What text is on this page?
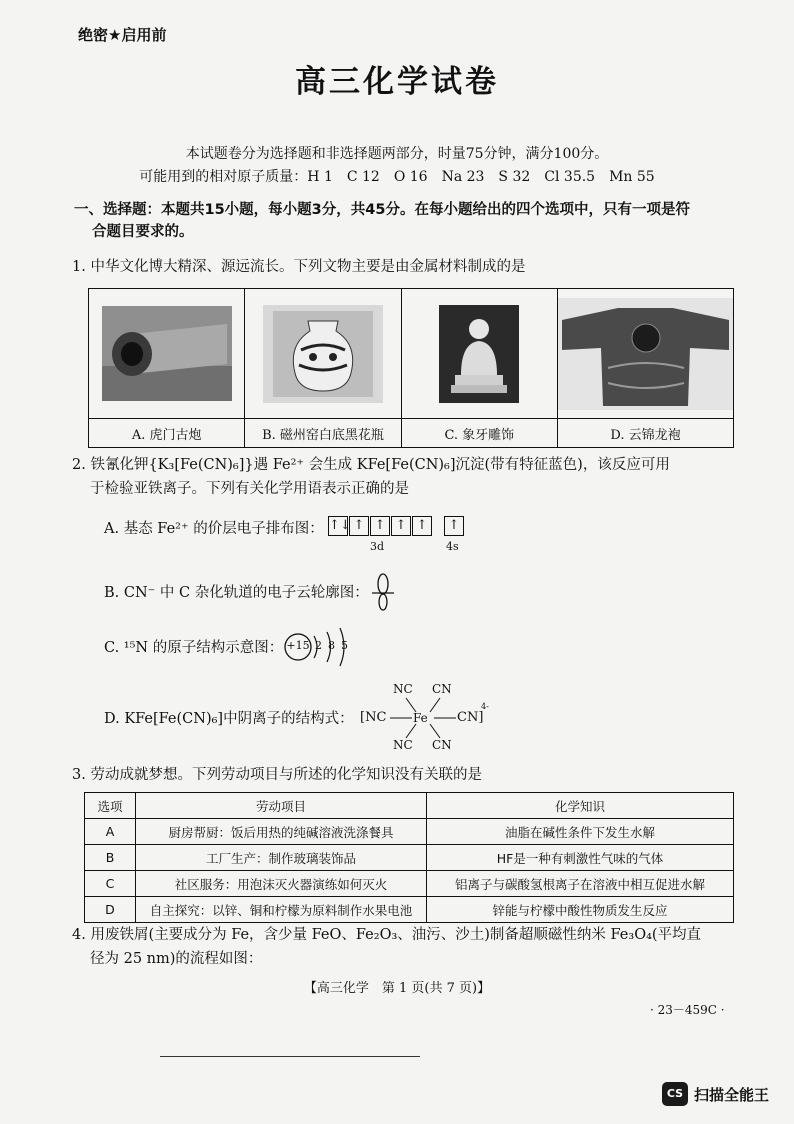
绝密★启用前
高三化学试卷
本试题卷分为选择题和非选择题两部分，时量75分钟，满分100分。
可能用到的相对原子质量：H 1　C 12　O 16　Na 23　S 32　Cl 35.5　Mn 55
一、选择题：本题共15小题，每小题3分，共45分。在每小题给出的四个选项中，只有一项是符
合题目要求的。
1. 中华文化博大精深、源远流长。下列文物主要是由金属材料制成的是
A. 虎门古炮	B. 磁州窑白底黑花瓶	C. 象牙雕饰	D. 云锦龙袍
2. 铁氰化钾{K₃[Fe(CN)₆]}遇 Fe²⁺ 会生成 KFe[Fe(CN)₆]沉淀(带有特征蓝色)，该反应可用
于检验亚铁离子。下列有关化学用语表示正确的是
A. 基态 Fe²⁺ 的价层电子排布图： ↑↓ ↑ ↑ ↑ ↑	↑
3d	4s
B. CN⁻ 中 C 杂化轨道的电子云轮廓图：
C. ¹⁵N 的原子结构示意图： +15 2 8 5
D. KFe[Fe(CN)₆]中阴离子的结构式：
NC CN
[NC Fe CN]
4-
NC CN
3. 劳动成就梦想。下列劳动项目与所述的化学知识没有关联的是
选项	劳动项目	化学知识
A	厨房帮厨：饭后用热的纯碱溶液洗涤餐具	油脂在碱性条件下发生水解
B	工厂生产：制作玻璃装饰品	HF是一种有刺激性气味的气体
C	社区服务：用泡沫灭火器演练如何灭火	铝离子与碳酸氢根离子在溶液中相互促进水解
D	自主探究：以锌、铜和柠檬为原料制作水果电池	锌能与柠檬中酸性物质发生反应
4. 用废铁屑(主要成分为 Fe，含少量 FeO、Fe₂O₃、油污、沙土)制备超顺磁性纳米 Fe₃O₄(平均直
径为 25 nm)的流程如图：
【高三化学　第 1 页(共 7 页)】
· 23－459C ·
CS 扫描全能王
